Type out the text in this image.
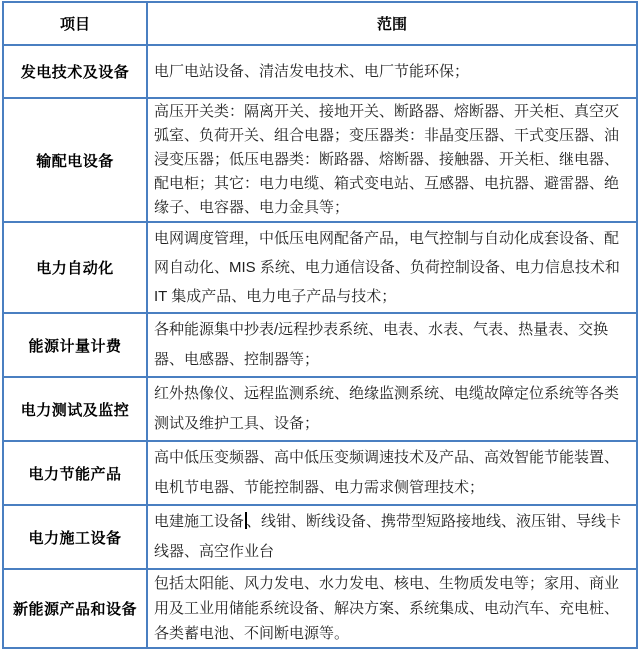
项目	范围
发电技术及设备	电厂电站设备、清洁发电技术、电厂节能环保；
输配电设备	高压开关类：隔离开关、接地开关、断路器、熔断器、开关柜、真空灭弧室、负荷开关、组合电器；变压器类：非晶变压器、干式变压器、油浸变压器；低压电器类：断路器、熔断器、接触器、开关柜、继电器、配电柜；其它：电力电缆、箱式变电站、互感器、电抗器、避雷器、绝缘子、电容器、电力金具等；
电力自动化	电网调度管理，中低压电网配备产品，电气控制与自动化成套设备、配网自动化、MIS 系统、电力通信设备、负荷控制设备、电力信息技术和 IT 集成产品、电力电子产品与技术；
能源计量计费	各种能源集中抄表/远程抄表系统、电表、水表、气表、热量表、交换器、电感器、控制器等；
电力测试及监控	红外热像仪、远程监测系统、绝缘监测系统、电缆故障定位系统等各类测试及维护工具、设备；
电力节能产品	高中低压变频器、高中低压变频调速技术及产品、高效智能节能装置、电机节电器、节能控制器、电力需求侧管理技术；
电力施工设备	电建施工设备 、线钳、断线设备、携带型短路接地线、液压钳、导线卡线器、高空作业台
新能源产品和设备	包括太阳能、风力发电、水力发电、核电、生物质发电等；家用、商业用及工业用储能系统设备、解决方案、系统集成、电动汽车、充电桩、各类蓄电池、不间断电源等。
